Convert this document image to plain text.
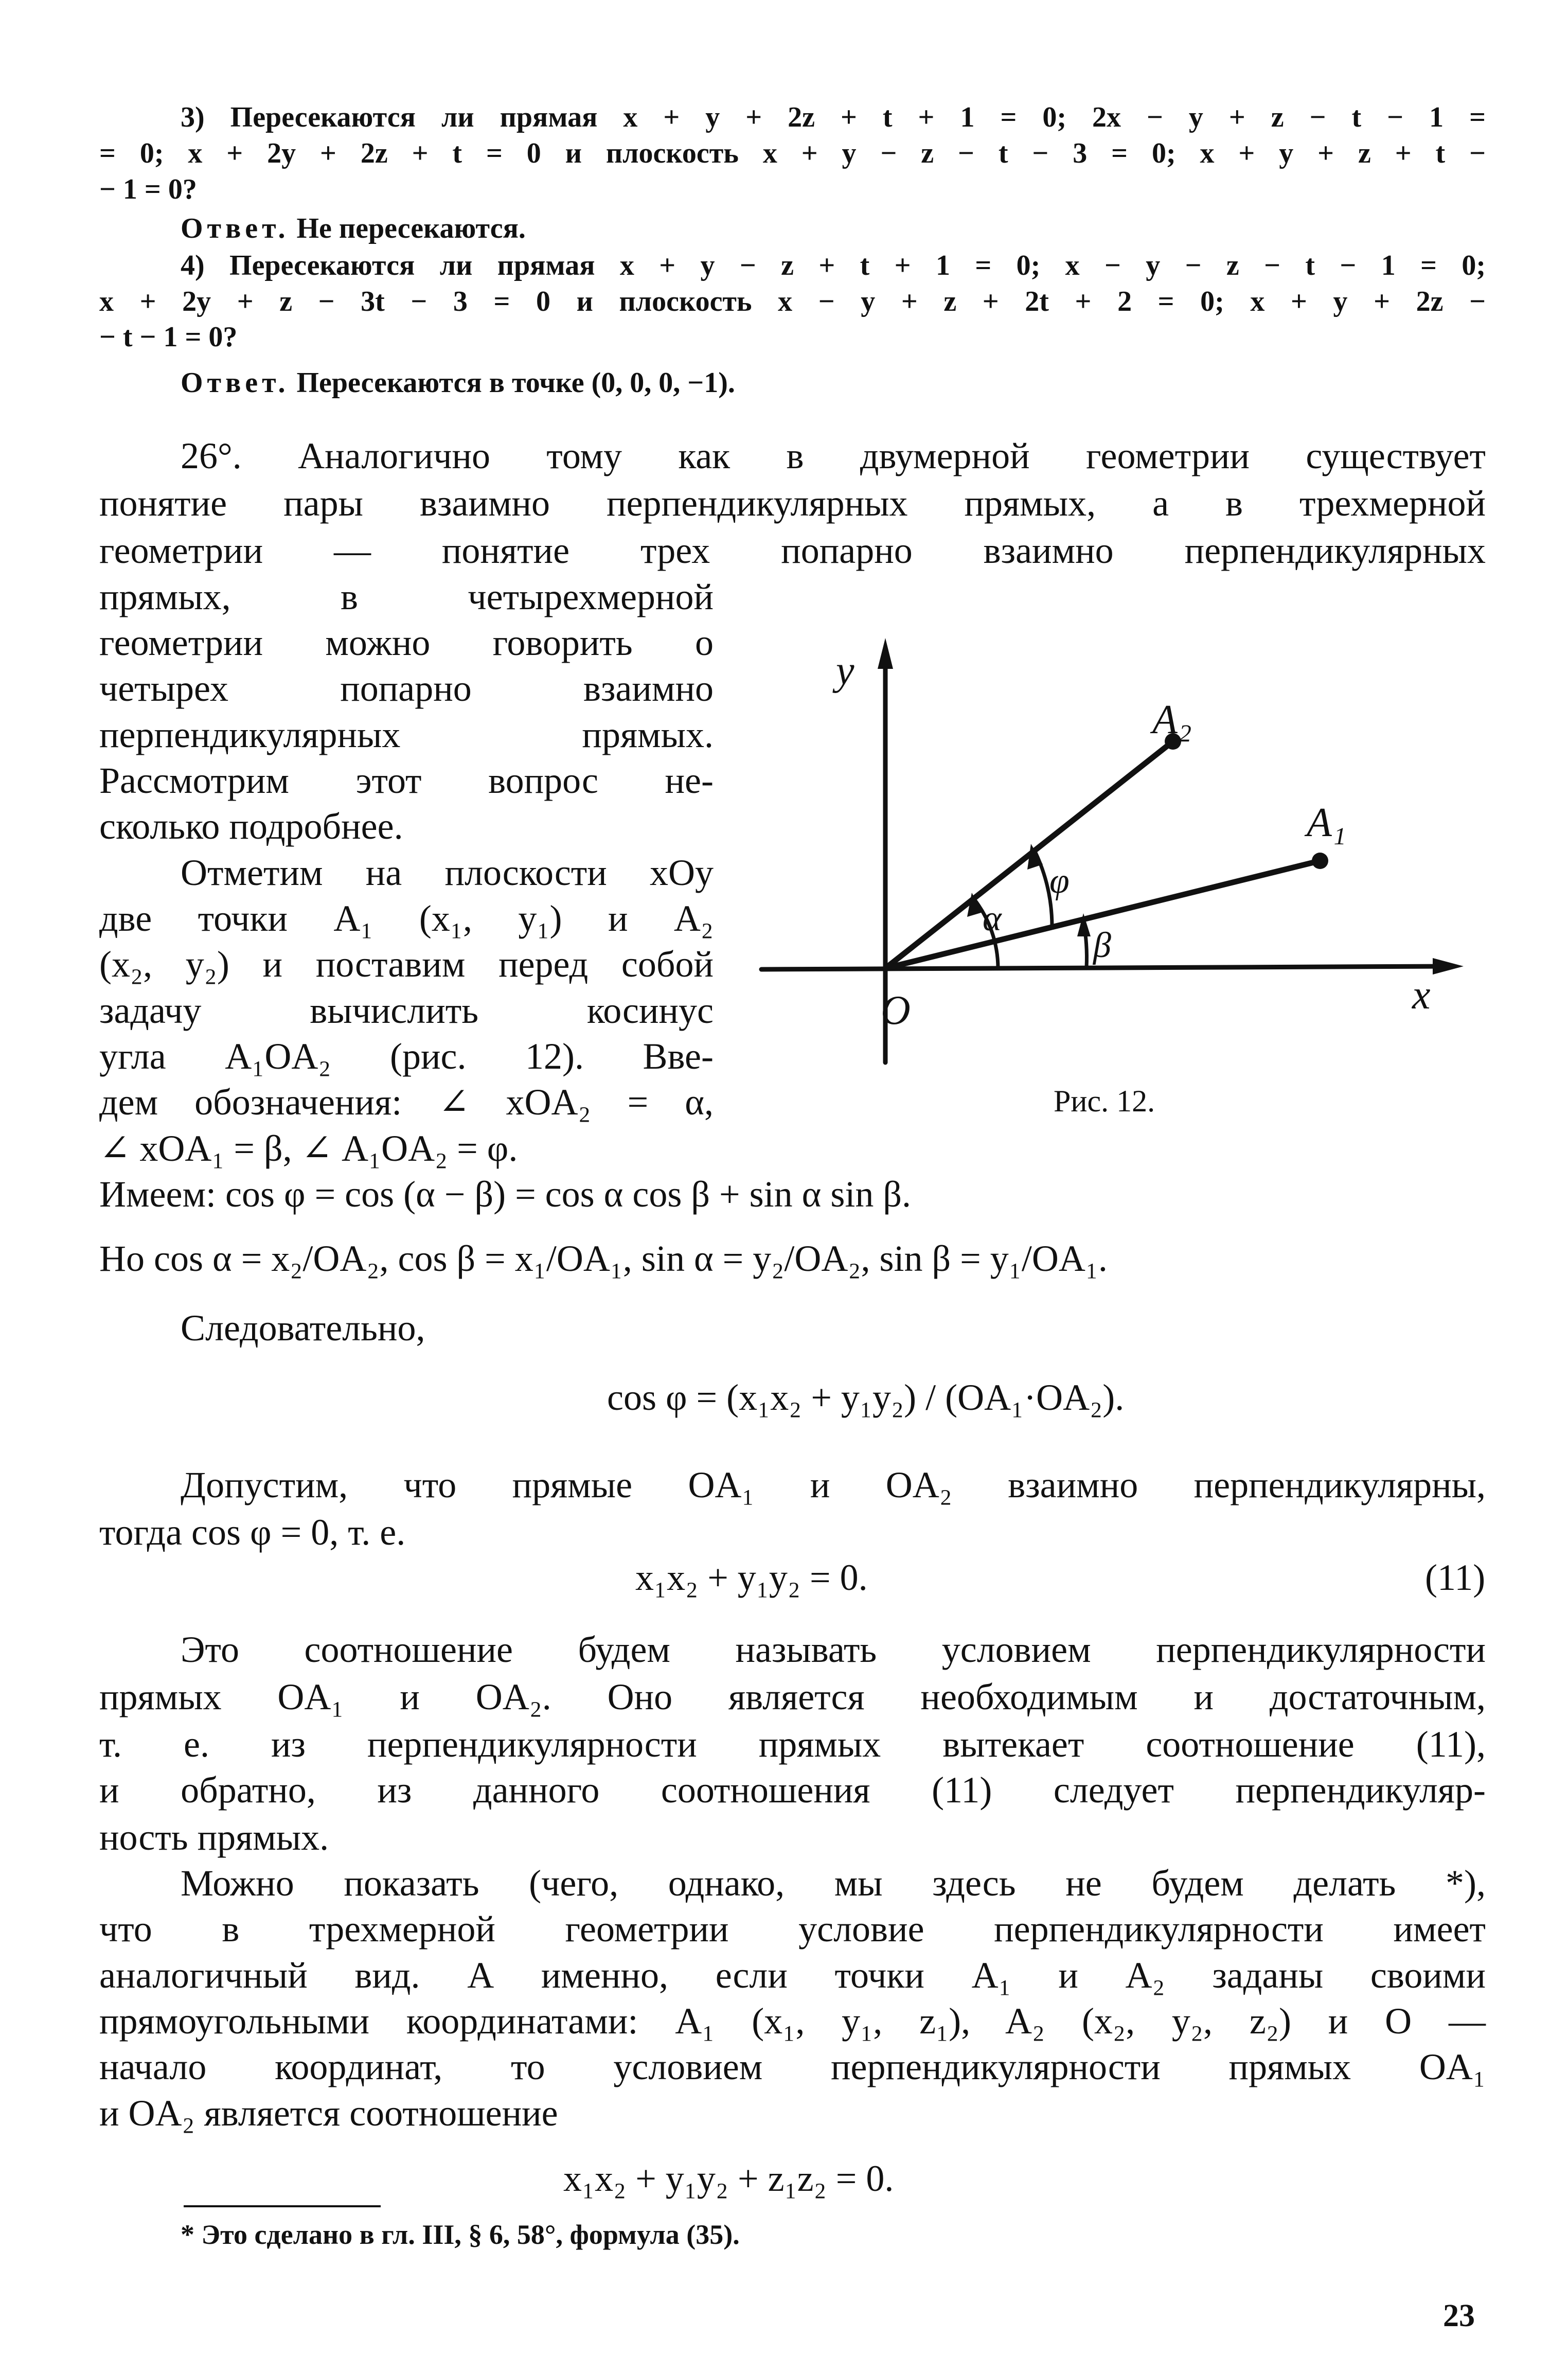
3) Пересекаются ли прямая x + y + 2z + t + 1 = 0; 2x − y + z − t − 1 =
= 0; x + 2y + 2z + t = 0 и плоскость x + y − z − t − 3 = 0; x + y + z + t −
− 1 = 0?
Ответ. Не пересекаются.
4) Пересекаются ли прямая x + y − z + t + 1 = 0; x − y − z − t − 1 = 0;
x + 2y + z − 3t − 3 = 0 и плоскость x − y + z + 2t + 2 = 0; x + y + 2z −
− t − 1 = 0?
Ответ. Пересекаются в точке (0, 0, 0, −1).
26°. Аналогично тому как в двумерной геометрии существует
понятие пары взаимно перпендикулярных прямых, а в трехмерной
геометрии — понятие трех попарно взаимно перпендикулярных
прямых, в четырехмерной
геометрии можно говорить о
четырех попарно взаимно
перпендикулярных прямых.
Рассмотрим этот вопрос не-
сколько подробнее.
Отметим на плоскости xOy
две точки A₁ (x₁, y₁) и A₂
(x₂, y₂) и поставим перед собой
задачу вычислить косинус
угла A₁OA₂ (рис. 12). Вве-
дем обозначения: ∠ xOA₂ = α,
∠ xOA₁ = β, ∠ A₁OA₂ = φ.
Имеем: cos φ = cos (α − β) = cos α cos β + sin α sin β.
Но cos α = x₂/OA₂, cos β = x₁/OA₁, sin α = y₂/OA₂, sin β = y₁/OA₁.
Следовательно,
cos φ = (x₁x₂ + y₁y₂) / (OA₁·OA₂).
Допустим, что прямые OA₁ и OA₂ взаимно перпендикулярны,
тогда cos φ = 0, т. е.
x₁x₂ + y₁y₂ = 0.	(11)
Это соотношение будем называть условием перпендикулярности
прямых OA₁ и OA₂. Оно является необходимым и достаточным,
т. е. из перпендикулярности прямых вытекает соотношение (11),
и обратно, из данного соотношения (11) следует перпендикуляр-
ность прямых.
Можно показать (чего, однако, мы здесь не будем делать *),
что в трехмерной геометрии условие перпендикулярности имеет
аналогичный вид. А именно, если точки A₁ и A₂ заданы своими
прямоугольными координатами: A₁ (x₁, y₁, z₁), A₂ (x₂, y₂, z₂) и O —
начало координат, то условием перпендикулярности прямых OA₁
и OA₂ является соотношение
x₁x₂ + y₁y₂ + z₁z₂ = 0.
* Это сделано в гл. III, § 6, 58°, формула (35).
23
y
x
O
A₂
A₁
α
β
φ
Рис. 12.
